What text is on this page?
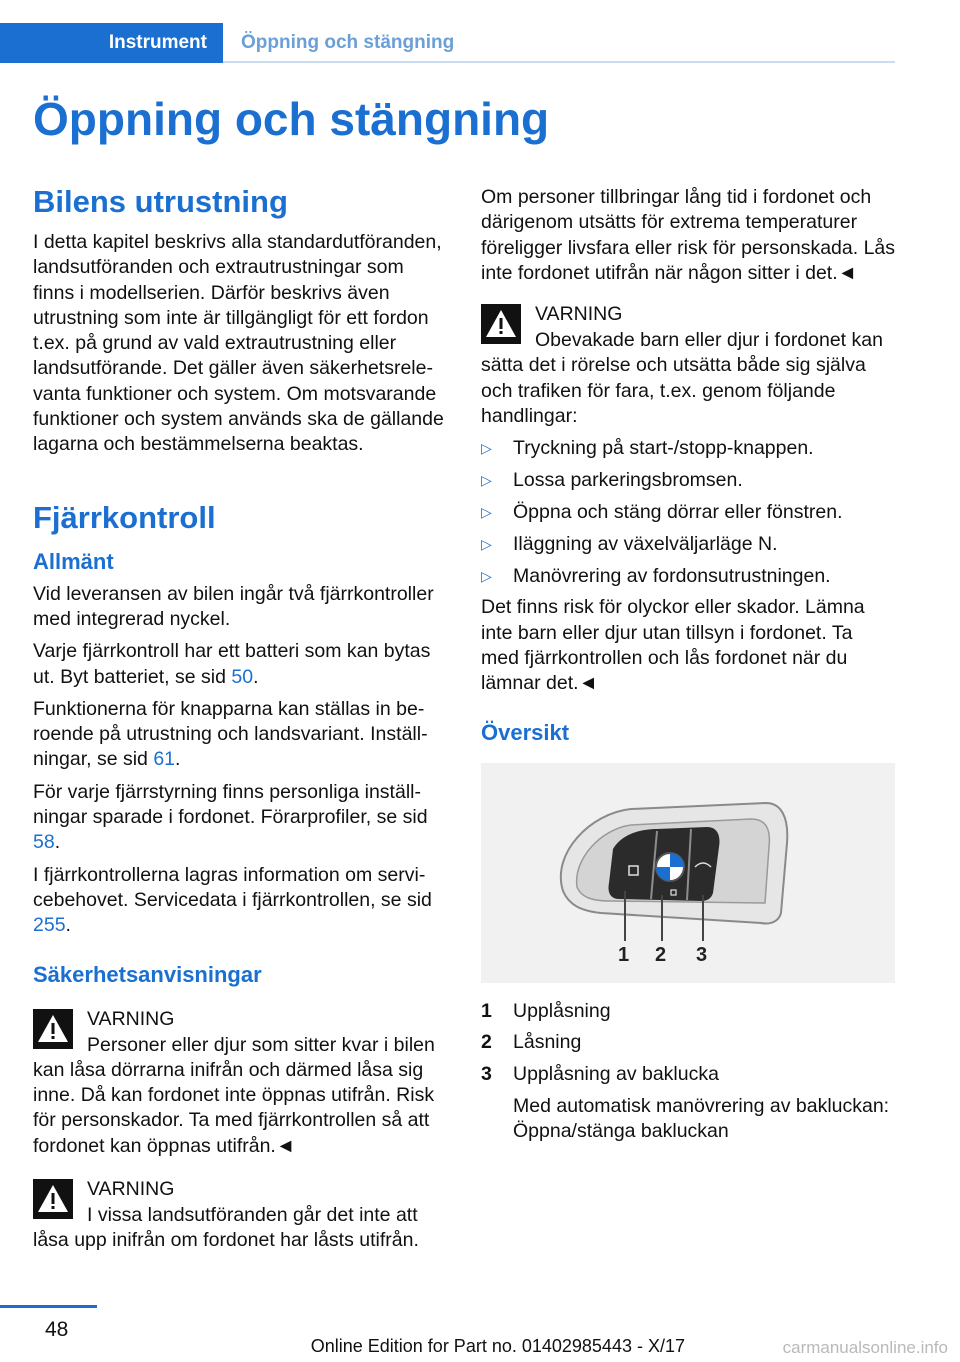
Instrument	Öppning och stängning
Öppning och stängning
Bilens utrustning

I detta kapitel beskrivs alla standardutföranden, landsutföranden och extrautrustningar som finns i modellserien. Därför beskrivs även utrustning som inte är tillgängligt för ett fordon t.ex. på grund av vald extrautrustning eller landsutförande. Det gäller även säkerhetsrelevanta funktioner och system. Om motsvarande funktioner och system används ska de gällande lagarna och bestämmelserna beaktas.

Fjärrkontroll
Allmänt

Vid leveransen av bilen ingår två fjärrkontroller med integrerad nyckel.

Varje fjärrkontroll har ett batteri som kan bytas ut. Byt batteriet, se sid 50.

Funktionerna för knapparna kan ställas in beroende på utrustning och landsvariant. Inställningar, se sid 61.

För varje fjärrstyrning finns personliga inställningar sparade i fordonet. Förarprofiler, se sid 58.

I fjärrkontrollerna lagras information om servicebehovet. Servicedata i fjärrkontrollen, se sid 255.

Säkerhetsanvisningar
VARNING

Personer eller djur som sitter kvar i bilen kan låsa dörrarna inifrån och därmed låsa sig inne. Då kan fordonet inte öppnas utifrån. Risk för personskador. Ta med fjärrkontrollen så att fordonet kan öppnas utifrån.◄

VARNING

I vissa landsutföranden går det inte att låsa upp inifrån om fordonet har låsts utifrån.

Om personer tillbringar lång tid i fordonet och därigenom utsätts för extrema temperaturer föreligger livsfara eller risk för personskada. Lås inte fordonet utifrån när någon sitter i det.◄

VARNING

Obevakade barn eller djur i fordonet kan sätta det i rörelse och utsätta både sig själva och trafiken för fara, t.ex. genom följande handlingar:

▷	Tryckning på start-/stopp-knappen.
▷	Lossa parkeringsbromsen.
▷	Öppna och stäng dörrar eller fönstren.
▷	Iläggning av växelväljarläge N.
▷	Manövrering av fordonsutrustningen.

Det finns risk för olyckor eller skador. Lämna inte barn eller djur utan tillsyn i fordonet. Ta med fjärrkontrollen och lås fordonet när du lämnar det.◄

Översikt
1 2 3
1	Upplåsning
2	Låsning
3	Upplåsning av baklucka

Med automatisk manövrering av bakluckan: Öppna/stänga bakluckan

48
Online Edition for Part no. 01402985443 - X/17	carmanualsonline.info
